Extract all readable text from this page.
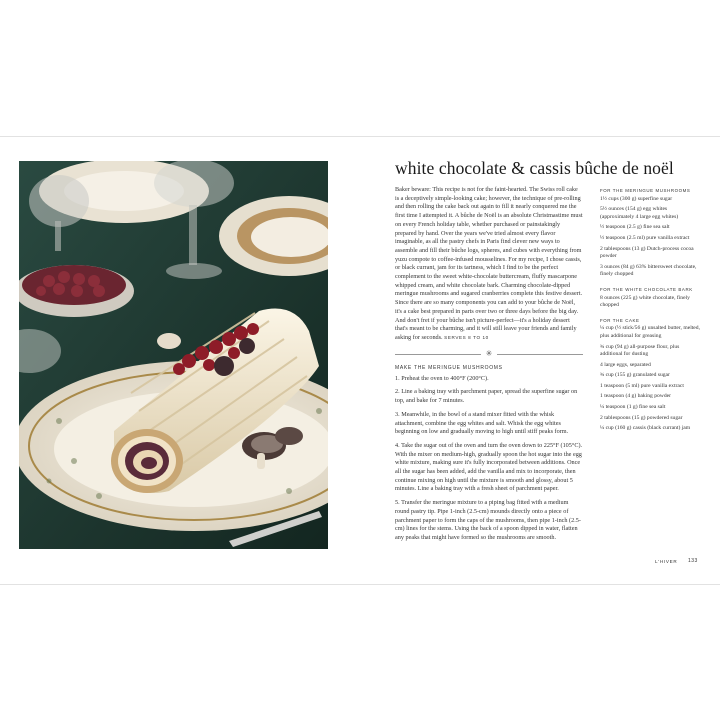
white chocolate & cassis bûche de noël
Baker beware: This recipe is not for the faint-hearted. The Swiss roll cake is a deceptively simple-looking cake; however, the technique of pre-rolling and then rolling the cake back out again to fill it nearly conquered me the first time I attempted it. A bûche de Noël is an absolute Christmastime must on every French holiday table, whether purchased or painstakingly prepared by hand. Over the years we've tried almost every flavor imaginable, as all the pastry chefs in Paris find clever new ways to assemble and fill their bûche logs, spheres, and cubes with everything from yuzu compote to coffee-infused mousselines. For my recipe, I chose cassis, or black currant, jam for its tartness, which I find to be the perfect complement to the sweet white-chocolate buttercream, fluffy mascarpone whipped cream, and white chocolate bark. Charming chocolate-dipped meringue mushrooms and sugared cranberries complete this festive dessert. Since there are so many components you can add to your bûche de Noël, it's a cake best prepared in parts over two or three days before the big day. And don't fret if your bûche isn't picture-perfect—it's a holiday dessert that's meant to be charming, and it will still leave your friends and family asking for seconds. SERVES 8 TO 10
✳
MAKE THE MERINGUE MUSHROOMS

1. Preheat the oven to 400°F (200°C).

2. Line a baking tray with parchment paper, spread the superfine sugar on top, and bake for 7 minutes.

3. Meanwhile, in the bowl of a stand mixer fitted with the whisk attachment, combine the egg whites and salt. Whisk the egg whites beginning on low and gradually moving to high until stiff peaks form.

4. Take the sugar out of the oven and turn the oven down to 225°F (105°C). With the mixer on medium-high, gradually spoon the hot sugar into the egg white mixture, making sure it's fully incorporated between additions. Once all the sugar has been added, add the vanilla and mix to incorporate, then continue mixing on high until the mixture is smooth and glossy, about 5 minutes. Line a baking tray with a fresh sheet of parchment paper.

5. Transfer the meringue mixture to a piping bag fitted with a medium round pastry tip. Pipe 1-inch (2.5-cm) mounds directly onto a piece of parchment paper to form the caps of the mushrooms, then pipe 1-inch (2.5-cm) lines for the stems. Using the back of a spoon dipped in water, flatten any peaks that might have formed so the mushrooms are smooth.

FOR THE MERINGUE MUSHROOMS
1½ cups (300 g) superfine sugar
5½ ounces (154 g) egg whites (approximately 4 large egg whites)
½ teaspoon (2.5 g) fine sea salt
½ teaspoon (2.5 ml) pure vanilla extract
2 tablespoons (13 g) Dutch-process cocoa powder
3 ounces (84 g) 63% bittersweet chocolate, finely chopped
FOR THE WHITE CHOCOLATE BARK
8 ounces (225 g) white chocolate, finely chopped
FOR THE CAKE
¼ cup (½ stick/56 g) unsalted butter, melted, plus additional for greasing
¾ cup (94 g) all-purpose flour, plus additional for dusting
4 large eggs, separated
¾ cup (155 g) granulated sugar
1 teaspoon (5 ml) pure vanilla extract
1 teaspoon (4 g) baking powder
¼ teaspoon (1 g) fine sea salt
2 tablespoons (15 g) powdered sugar
¼ cup (160 g) cassis (black currant) jam
L'HIVER 133
